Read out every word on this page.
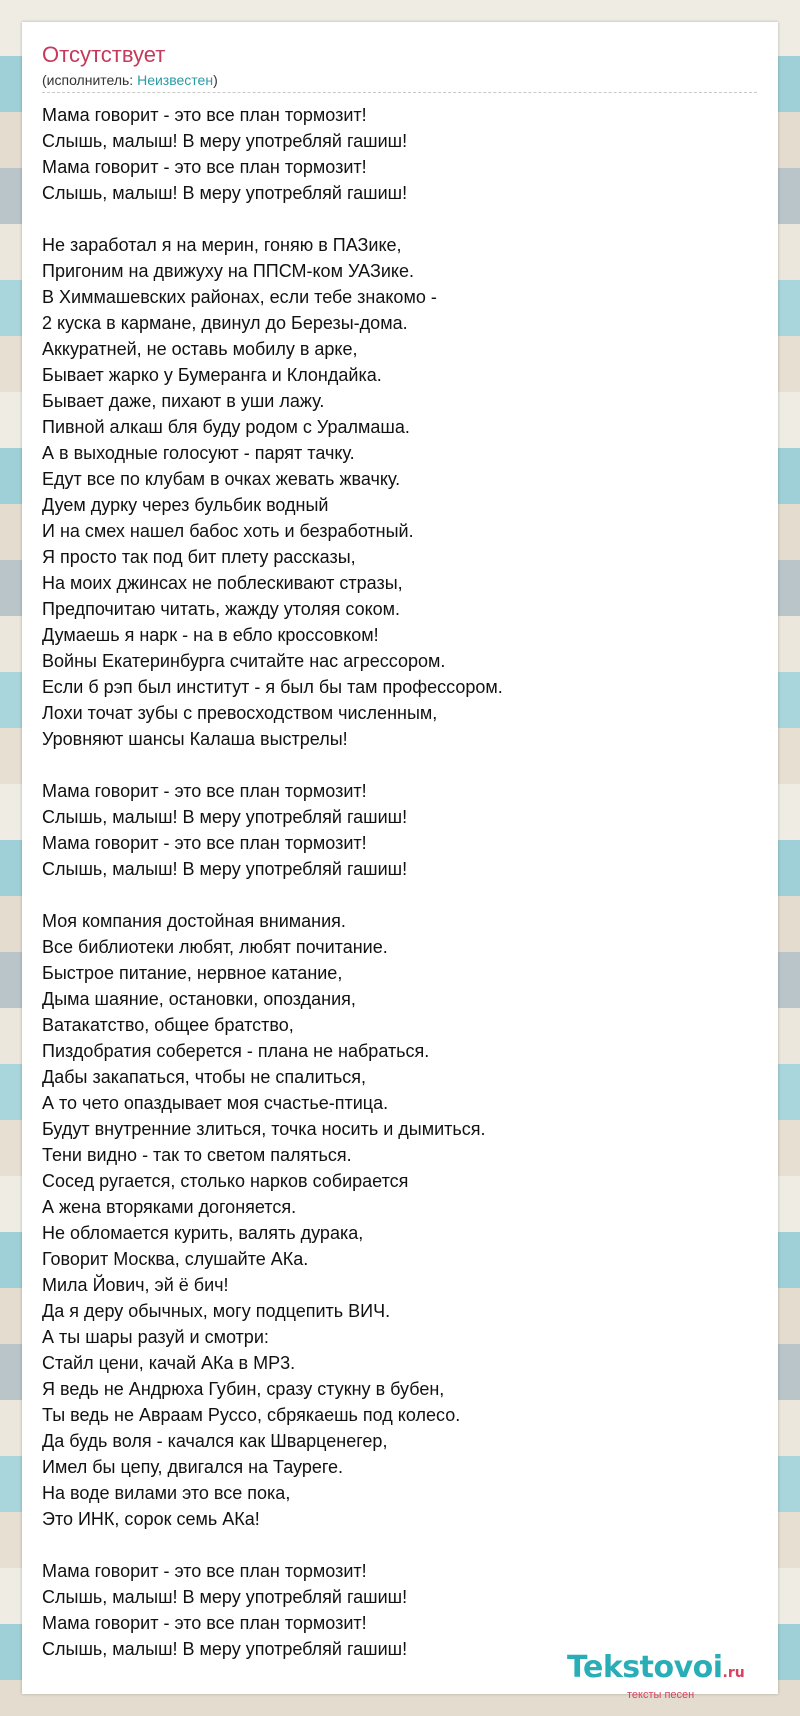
Отсутствует
(исполнитель: Неизвестен)
Мама говорит - это все план тормозит!
Слышь, малыш! В меру употребляй гашиш!
Мама говорит - это все план тормозит!
Слышь, малыш! В меру употребляй гашиш!
Не заработал я на мерин, гоняю в ПАЗике,
Пригоним на движуху на ППСМ-ком УАЗике.
В Химмашевских районах, если тебе знакомо -
2 куска в кармане, двинул до Березы-дома.
Аккуратней, не оставь мобилу в арке,
Бывает жарко у Бумеранга и Клондайка.
Бывает даже, пихают в уши лажу.
Пивной алкаш бля буду родом с Уралмаша.
А в выходные голосуют - парят тачку.
Едут все по клубам в очках жевать жвачку.
Дуем дурку через бульбик водный
И на смех нашел бабос хоть и безработный.
Я просто так под бит плету рассказы,
На моих джинсах не поблескивают стразы,
Предпочитаю читать, жажду утоляя соком.
Думаешь я нарк - на в еблo кроссовком!
Войны Екатеринбурга считайте нас агрессором.
Если б рэп был институт - я был бы там профессором.
Лохи точат зубы с превосходством численным,
Уровняют шансы Калаша выстрелы!
Мама говорит - это все план тормозит!
Слышь, малыш! В меру употребляй гашиш!
Мама говорит - это все план тормозит!
Слышь, малыш! В меру употребляй гашиш!
Моя компания достойная внимания.
Все библиотеки любят, любят почитание.
Быстрое питание, нервное катание,
Дыма шаяние, остановки, опоздания,
Ватакатство, общее братство,
Пиздобратия соберется - плана не набраться.
Дабы закапаться, чтобы не спалиться,
А то чето опаздывает моя счастье-птица.
Будут внутренние злиться, точка носить и дымиться.
Тени видно - так то светом паляться.
Сосед ругается, столько нарков собирается
А жена вторяками догоняется.
Не обломается курить, валять дурака,
Говорит Москва, слушайте АКа.
Мила Йович, эй ё бич!
Да я деру обычных, могу подцепить ВИЧ.
А ты шары разуй и смотри:
Стайл цени, качай АКа в MP3.
Я ведь не Андрюха Губин, сразу стукну в бубен,
Ты ведь не Авраам Руссо, сбрякаешь под колесо.
Да будь воля - качался как Шварценегер,
Имел бы цепу, двигался на Тауреге.
На воде вилами это все пока,
Это ИНК, сорок семь АКа!
Мама говорит - это все план тормозит!
Слышь, малыш! В меру употребляй гашиш!
Мама говорит - это все план тормозит!
Слышь, малыш! В меру употребляй гашиш!
Tekstovoi.ru
тексты песен
